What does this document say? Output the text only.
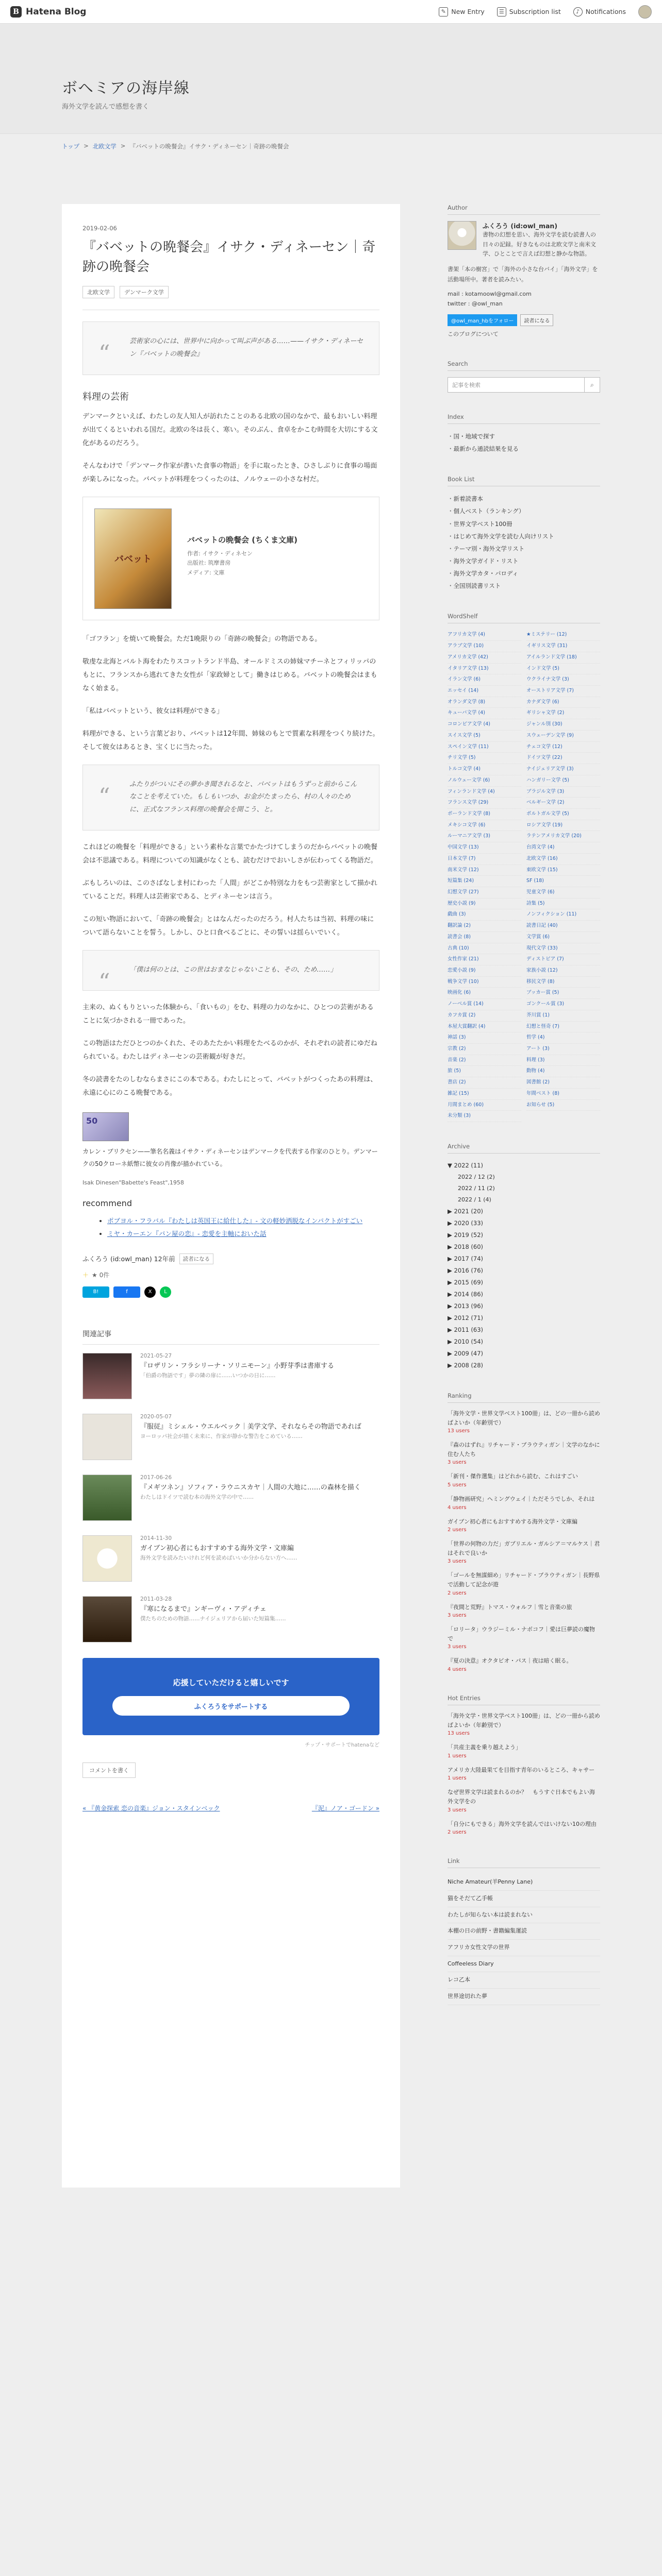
B Hatena Blog	✎ New Entry	☰ Subscription list	♪ Notifications
ボヘミアの海岸線
海外文学を読んで感想を書く
トップ > 北欧文学 > 『バベットの晩餐会』イサク・ディネーセン｜奇跡の晩餐会
2019-02-06
『バベットの晩餐会』イサク・ディネーセン｜奇跡の晩餐会
北欧文学	デンマーク文学
“	芸術家の心には、世界中に向かって叫ぶ声がある……——イサク・ディネーセン『バベットの晩餐会』
料理の芸術

デンマークといえば、わたしの友人知人が訪れたことのある北欧の国のなかで、最もおいしい料理が出てくるといわれる国だ。北欧の冬は長く、寒い。そのぶん、食卓をかこむ時間を大切にする文化があるのだろう。

そんなわけで「デンマーク作家が書いた食事の物語」を手に取ったとき、ひさしぶりに食事の場面が楽しみになった。バベットが料理をつくったのは、ノルウェーの小さな村だ。

バベット
バベットの晩餐会 (ちくま文庫)
作者: イサク・ディネセン
出版社: 筑摩書房
メディア: 文庫

「ゴフラン」を焼いて晩餐会。ただ1晩限りの「奇跡の晩餐会」の物語である。

敬虔な北海とバルト海をわたりスコットランド半島、オールドミスの姉妹マチーネとフィリッパのもとに、フランスから逃れてきた女性が「家政婦として」働きはじめる。バベットの晩餐会はまもなく始まる。

「私はバベットという、彼女は料理ができる」

料理ができる、という言葉どおり、バベットは12年間、姉妹のもとで質素な料理をつくり続けた。そして彼女はあるとき、宝くじに当たった。

“	ふたりがついにその夢かき聞されるなと、バベットはもうずっと前からこんなことを考えていた。もしもいつか、お金がたまったら、村の人々のために、正式なフランス料理の晩餐会を開こう、と。

これほどの晩餐を「料理ができる」という素朴な言葉でかたづけてしまうのだからバベットの晩餐会は不思議である。料理についての知識がなくとも、読むだけでおいしさが伝わってくる物語だ。

ぶもしろいのは、このさばなしま村にわった「人間」がどこか特別な力をもつ芸術家として描かれていることだ。料理人は芸術家である、とディネーセンは言う。

この短い物語において、「奇跡の晩餐会」とはなんだったのだろう。村人たちは当初、料理の味について語らないことを誓う。しかし、ひと口食べるごとに、その誓いは揺らいでいく。

“	「僕は何のとは、この世はおまなじゃないことも、その、ため……」

主来の、ぬくもりといった体験から、「食いもの」をむ、料理の力のなかに、ひとつの芸術があることに気づかされる一冊であった。

この物語はただひとつのかくれた、そのあたたかい料理をたべるのかが、それぞれの読者にゆだねられている。わたしはディネーセンの芸術観が好きだ。

冬の読書をたのしむならまさにこの本である。わたしにとって、バベットがつくったあの料理は、永遠に心にのこる晩餐である。

50

カレン・ブリクセン——筆名名義はイサク・ディネーセンはデンマークを代表する作家のひとり。デンマークの50クローネ紙幣に彼女の肖像が描かれている。

Isak Dinesen"Babette's Feast",1958
recommend
• ポブヨル・フラバル『わたしは英国王に給仕した』- 文の軽妙洒脱なインパクトがすごい
• ミヤ・カーエン『パン屋の恋』- 恋愛を主軸においた話
ふくろう (id:owl_man) 12年前	読者になる
＋ ★ 0件
B!	f	X	L
関連記事
2021-05-27
『ロザリン・フラシリーナ・ソリニモーン』小野芽季は書庫する
「伯爵の物語です」夢の隣の扉に……いつかの日に……
2020-05-07
『服従』ミシェル・ウエルベック｜美学文学、それならその物語であれば
ヨーロッパ社会が描く未来に、作家が静かな警告をこめている……
2017-06-26
『メギツネン』ソフィア・ラウニスカヤ｜人間の大地に……の森林を描く
わたしはドイツで読む本の海外文学の中で……
2014-11-30
ガイブン初心者にもおすすめする海外文学・文庫編
海外文学を読みたいけれど何を読めばいいか分からない方へ……
2011-03-28
『寒になるまで』ンギーヴィ・アディチェ
僕たちのための物語……ナイジェリアから届いた短篇集……
応援していただけると嬉しいです
ふくろうをサポートする
チップ・サポートでhatenaなど
コメントを書く
« 『黄金探索 恋の音楽』ジョン・スタインベック	『泥』ノア・ゴードン »
Author
ふくろう (id:owl_man)
書物の幻想を思い、海外文学を読む読書人の日々の記録。好きなものは北欧文学と南米文学、ひとことで言えば幻想と静かな物語。
書架「本の樹宮」で「海外の小さな台バイ」「海外文学」を活動場所中。著者を読みたい。
mail : kotamoowl@gmail.com
twitter : @owl_man
@owl_man_hbをフォロー	読者になる
このブログについて
Search
記事を検索	⌕
Index
・ 国・地域で探す
・ 最新から通読結果を見る
Book List
・ 新着読書本
・ 個人ベスト（ランキング）
・ 世界文学ベスト100冊
・ はじめて海外文学を読む人向けリスト
・ テーマ別・海外文学リスト
・ 海外文学ガイド・リスト
・ 海外文学カタ・パロディ
・ 全国別読書リスト
WordShelf
アフリカ文学 (4)	★ミステリー (12)
アラブ文学 (10)	イギリス文学 (31)
アメリカ文学 (42)	アイルランド文学 (18)
イタリア文学 (13)	インド文学 (5)
イラン文学 (6)	ウクライナ文学 (3)
エッセイ (14)	オーストリア文学 (7)
オランダ文学 (8)	カナダ文学 (6)
キューバ文学 (4)	ギリシャ文学 (2)
コロンビア文学 (4)	ジャンル別 (30)
スイス文学 (5)	スウェーデン文学 (9)
スペイン文学 (11)	チェコ文学 (12)
チリ文学 (5)	ドイツ文学 (22)
トルコ文学 (4)	ナイジェリア文学 (3)
ノルウェー文学 (6)	ハンガリー文学 (5)
フィンランド文学 (4)	ブラジル文学 (3)
フランス文学 (29)	ベルギー文学 (2)
ポーランド文学 (8)	ポルトガル文学 (5)
メキシコ文学 (6)	ロシア文学 (19)
ルーマニア文学 (3)	ラテンアメリカ文学 (20)
中国文学 (13)	台湾文学 (4)
日本文学 (7)	北欧文学 (16)
南米文学 (12)	東欧文学 (15)
短篇集 (24)	SF (18)
幻想文学 (27)	児童文学 (6)
歴史小説 (9)	詩集 (5)
戯曲 (3)	ノンフィクション (11)
翻訳論 (2)	読書日記 (40)
読書会 (8)	文学賞 (6)
古典 (10)	現代文学 (33)
女性作家 (21)	ディストピア (7)
恋愛小説 (9)	家族小説 (12)
戦争文学 (10)	移民文学 (8)
映画化 (6)	ブッカー賞 (5)
ノーベル賞 (14)	ゴンクール賞 (3)
カフカ賞 (2)	芥川賞 (1)
本屋大賞翻訳 (4)	幻想と怪奇 (7)
神話 (3)	哲学 (4)
宗教 (2)	アート (3)
音楽 (2)	料理 (3)
旅 (5)	動物 (4)
書店 (2)	図書館 (2)
雑記 (15)	年間ベスト (8)
月間まとめ (60)	お知らせ (5)
未分類 (3)
Archive
▼ 2022 (11)
2022 / 12 (2)
2022 / 11 (2)
2022 / 1 (4)
▶ 2021 (20)
▶ 2020 (33)
▶ 2019 (52)
▶ 2018 (60)
▶ 2017 (74)
▶ 2016 (76)
▶ 2015 (69)
▶ 2014 (86)
▶ 2013 (96)
▶ 2012 (71)
▶ 2011 (63)
▶ 2010 (54)
▶ 2009 (47)
▶ 2008 (28)
Ranking
「海外文学・世界文学ベスト100冊」は、どの一冊から読めばよいか（年齢別で）
13 users
『森のはずれ』リチャード・ブラウティガン｜文学のなかに住む人たち
3 users
「新刊・傑作選集」はどれから読む、これはすごい
5 users
「静物画研究」ヘミングウェイ｜ただそうでしか、それは
4 users
ガイブン初心者にもおすすめする海外文学・文庫編
2 users
「世界の何物の力だ」ガブリエル・ガルシア＝マルケス｜君はそれで良いか
3 users
「ゴールを無謀細め」リチャード・ブラウティガン｜長野県で活動して記念が遊
2 users
『夜間と荒野』トマス・ウォルフ｜雪と音楽の旅
3 users
「ロリータ」ウラジーミル・ナボコフ｜愛は巨夢読の魔物で
3 users
『夏の決意』オクタビオ・パス｜夜は暗く眠る。
4 users
Hot Entries
「海外文学・世界文学ベスト100冊」は、どの一冊から読めばよいか（年齢別で）
13 users
「共産主義を乗り越えよう」
1 users
アメリカ大陸最果てを目指す青年のいるところ、キャサー
1 users
なぜ世界文学は読まれるのか？　もうすぐ日本でもよい海外文学をの
3 users
「自分にもできる」海外文学を読んではいけない10の理由
2 users
Link
Niche Amateur(羊Penny Lane)
猫をそだて乙手帳
わたしが知らない本は読まれない
本棚の日の前野・書籍編集運読
アフリカ女性文学の世界
Coffeeless Diary
レコ乙本
世界途切れた夢
